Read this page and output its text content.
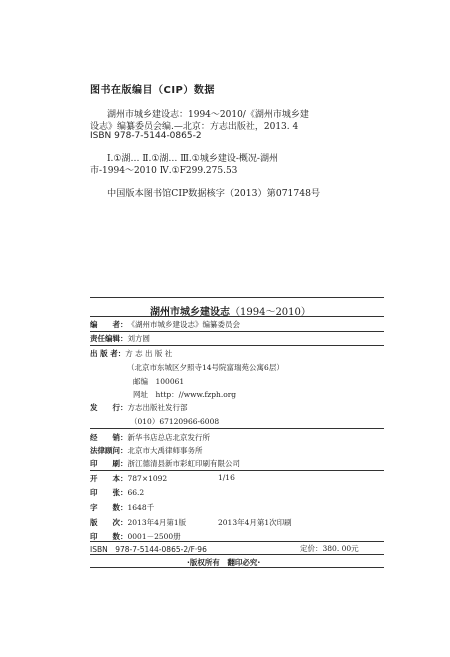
图书在版编目（CIP）数据
湖州市城乡建设志：1994～2010/《湖州市城乡建
设志》编纂委员会编.—北京：方志出版社，2013. 4
ISBN 978-7-5144-0865-2
Ⅰ.①湖… Ⅱ.①湖… Ⅲ.①城乡建设-概况-湖州
市-1994～2010 Ⅳ.①F299.275.53
中国版本图书馆CIP数据核字（2013）第071748号
湖州市城乡建设志（1994～2010）
编　　者：《湖州市城乡建设志》编纂委员会
责任编辑：刘方圆
出 版 者：方 志 出 版 社
（北京市东城区夕照寺14号院富瑞苑公寓6层）
邮编　100061
网址　http：//www.fzph.org
发　　行：方志出版社发行部
（010）67120966-6008
经　　销：新华书店总店北京发行所
法律顾问：北京市大禹律师事务所
印　　刷：浙江德清县新市彩虹印刷有限公司
开　　本：787×1092	1/16
印　　张：66.2
字　　数：1648千
版　　次：2013年4月第1版	2013年4月第1次印刷
印　　数：0001－2500册
ISBN　978-7-5144-0865-2/F·96	定价：380. 00元
·版权所有　翻印必究·
